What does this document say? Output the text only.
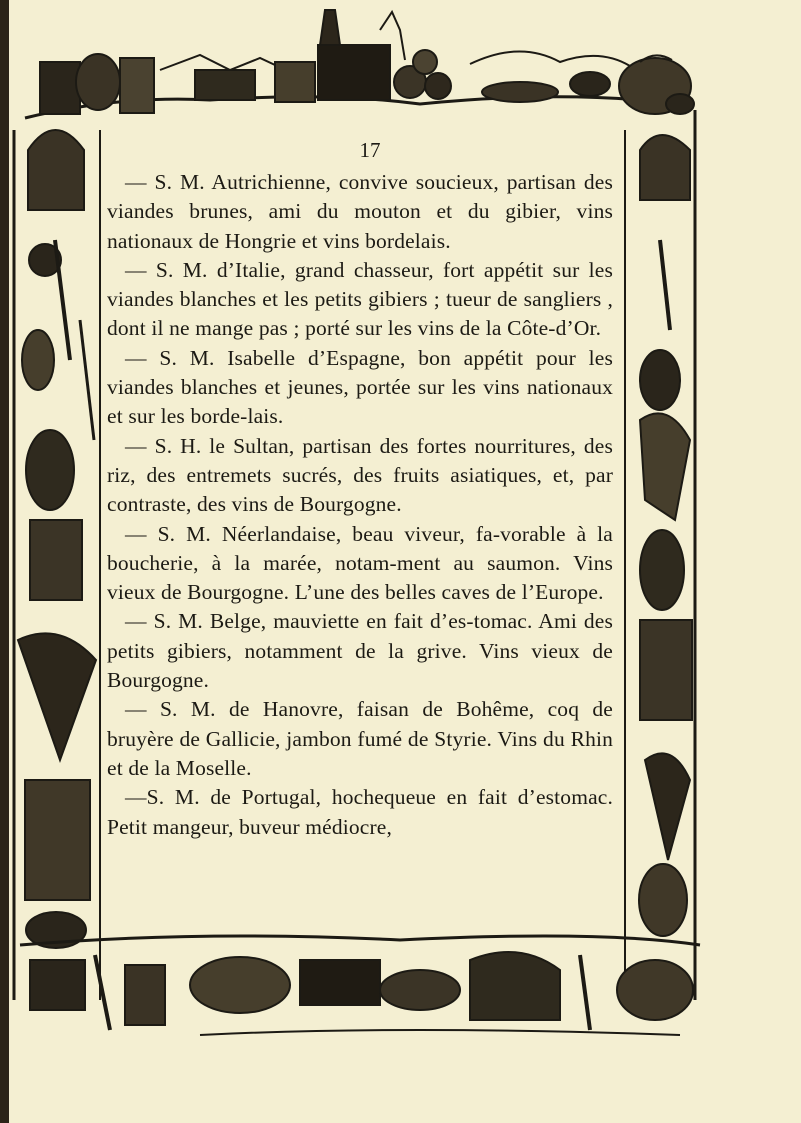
17

— S. M. Autrichienne, convive soucieux, partisan des viandes brunes, ami du mouton et du gibier, vins nationaux de Hongrie et vins bordelais.

— S. M. d’Italie, grand chasseur, fort appétit sur les viandes blanches et les petits gibiers ; tueur de sangliers , dont il ne mange pas ; porté sur les vins de la Côte-d’Or.

— S. M. Isabelle d’Espagne, bon appétit pour les viandes blanches et jeunes, portée sur les vins nationaux et sur les borde-lais.

— S. H. le Sultan, partisan des fortes nourritures, des riz, des entremets sucrés, des fruits asiatiques, et, par contraste, des vins de Bourgogne.

— S. M. Néerlandaise, beau viveur, fa-vorable à la boucherie, à la marée, notam-ment au saumon. Vins vieux de Bourgogne. L’une des belles caves de l’Europe.

— S. M. Belge, mauviette en fait d’es-tomac. Ami des petits gibiers, notamment de la grive. Vins vieux de Bourgogne.

— S. M. de Hanovre, faisan de Bohême, coq de bruyère de Gallicie, jambon fumé de Styrie. Vins du Rhin et de la Moselle.

—S. M. de Portugal, hochequeue en fait d’estomac. Petit mangeur, buveur médiocre,
